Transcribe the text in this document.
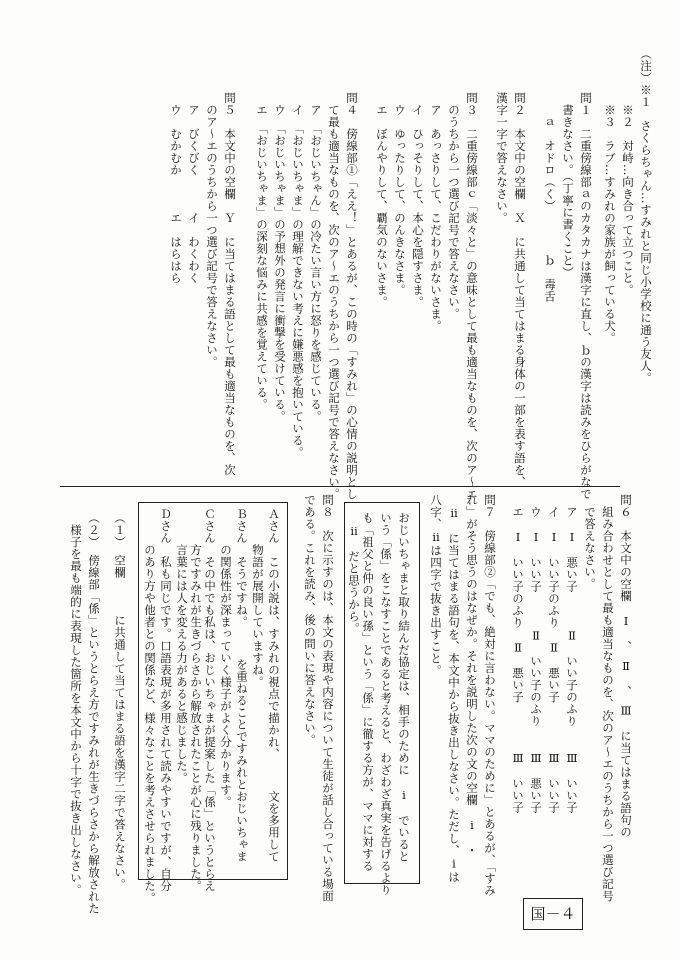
（注）※１　さくらちゃん…すみれと同じ小学校に通う友人。
※２　対峙…向き合って立つこと。
※３　ラブ…すみれの家族が飼っている犬。
問１　二重傍線部ａのカタカナは漢字に直し、ｂの漢字は読みをひらがなで
書きなさい。（丁寧に書くこと）
ａ　オドロ（く）　　　　ｂ　毒舌
問２　本文中の空欄　Ｘ　に共通して当てはまる身体の一部を表す語を、
漢字一字で答えなさい。
問３　二重傍線部ｃ「淡々と」の意味として最も適当なものを、次のア～エ
のうちから一つ選び記号で答えなさい。
ア　あっさりして、こだわりがないさま。
イ　ひっそりして、本心を隠すさま。
ウ　ゆったりして、のんきなさま。
エ　ぼんやりして、覇気のないさま。
問４　傍線部①「ええ！」とあるが、この時の「すみれ」の心情の説明とし
て最も適当なものを、次のア～エのうちから一つ選び記号で答えなさい。
ア　「おじいちゃん」の冷たい言い方に怒りを感じている。
イ　「おじいちゃま」の理解できない考えに嫌悪感を抱いている。
ウ　「おじいちゃま」の予想外の発言に衝撃を受けている。
エ　「おじいちゃま」の深刻な悩みに共感を覚えている。
問５　本文中の空欄　Ｙ　に当てはまる語として最も適当なものを、次
のア～エのうちから一つ選び記号で答えなさい。
ア　びくびく　　　イ　わくわく
ウ　むかむか　　　エ　はらはら
問６　本文中の空欄　Ⅰ　、　Ⅱ　、　Ⅲ　に当てはまる語句の
組み合わせとして最も適当なものを、次のア～エのうちから一つ選び記号
で答えなさい。
ア　Ⅰ　悪い子　　　Ⅱ　いい子のふり　　Ⅲ　いい子
イ　Ⅰ　いい子のふり　Ⅱ　悪い子　　　　Ⅲ　いい子
ウ　Ⅰ　いい子　　　Ⅱ　いい子のふり　　Ⅲ　悪い子
エ　Ⅰ　いい子のふり　Ⅱ　悪い子　　　　Ⅲ　いい子
問７　傍線部②「でも、絶対に言わない。ママのために」とあるが、「すみ
れ」がそう思うのはなぜか。それを説明した次の文の空欄　ⅰ　・
　ⅱ　に当てはまる語句を、本文中から抜き出しなさい。ただし、ⅰは
八字、ⅱは四字で抜き出すこと。
おじいちゃまと取り結んだ協定は、相手のために　ⅰ　でいると
いう「係」をこなすことであると考えると、わざわざ真実を告げるより
も「祖父と仲の良い孫」という「係」に徹する方が、ママに対する
　ⅱ　だと思うから。
問８　次に示すのは、本文の表現や内容について生徒が話し合っている場面
である。これを読み、後の問いに答えなさい。
Ａさん　この小説は、すみれの視点で描かれ、　　　文を多用して
　　　物語が展開していますね。
Ｂさん　そうですね。　　　を重ねることですみれとおじいちゃま
　　　の関係性が深まっていく様子がよく分かります。
Ｃさん　その中でも私は、おじいちゃまが提案した「係」というとらえ
　　　方ですみれが生きづらさから解放されたことが心に残りました。
　　　言葉には人を変える力があると感じました。
Ｄさん　私も同じです。口語表現が多用されて読みやすいですが、自分
　　　のあり方や他者との関係など、様々なことを考えさせられました。
（１）　空欄　　　に共通して当てはまる語を漢字二字で答えなさい。
（２）　傍線部「係」というとらえ方ですみれが生きづらさから解放された
　様子を最も端的に表現した箇所を本文中から十字で抜き出しなさい。
国－４
